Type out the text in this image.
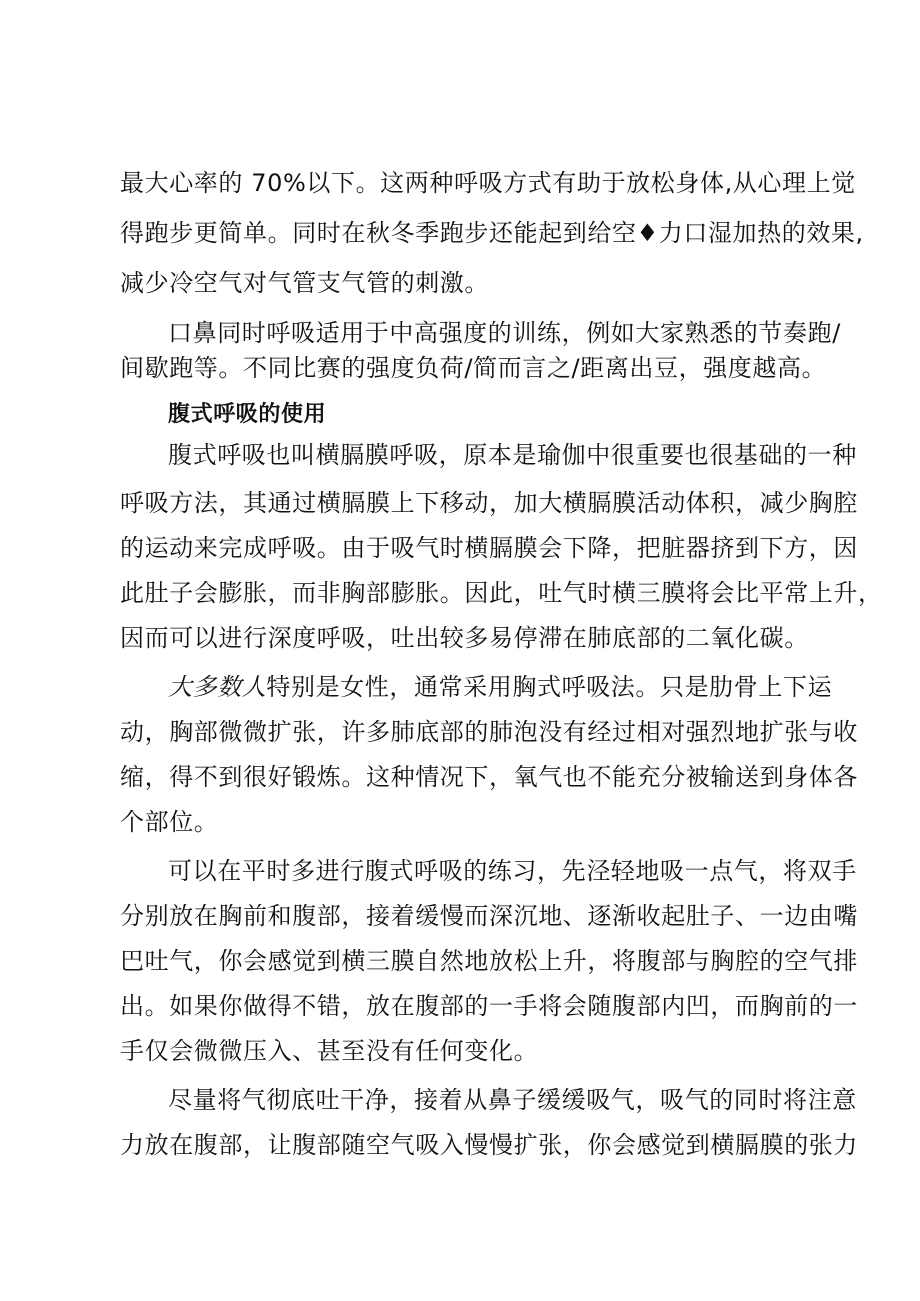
最大心率的 70%以下。这两种呼吸方式有助于放松身体,从心理上觉
得跑步更简单。同时在秋冬季跑步还能起到给空♦力口湿加热的效果,
减少冷空气对气管支气管的刺激。
口鼻同时呼吸适用于中高强度的训练，例如大家熟悉的节奏跑/
间歇跑等。不同比赛的强度负荷/简而言之/距离出豆，强度越高。
腹式呼吸的使用
腹式呼吸也叫横膈膜呼吸，原本是瑜伽中很重要也很基础的一种
呼吸方法，其通过横膈膜上下移动，加大横膈膜活动体积，减少胸腔
的运动来完成呼吸。由于吸气时横膈膜会下降，把脏器挤到下方，因
此肚子会膨胀，而非胸部膨胀。因此，吐气时横三膜将会比平常上升，
因而可以进行深度呼吸，吐出较多易停滞在肺底部的二氧化碳。
大多数人特别是女性，通常采用胸式呼吸法。只是肋骨上下运
动，胸部微微扩张，许多肺底部的肺泡没有经过相对强烈地扩张与收
缩，得不到很好锻炼。这种情况下，氧气也不能充分被输送到身体各
个部位。
可以在平时多进行腹式呼吸的练习，先泾轻地吸一点气，将双手
分别放在胸前和腹部，接着缓慢而深沉地、逐渐收起肚子、一边由嘴
巴吐气，你会感觉到横三膜自然地放松上升，将腹部与胸腔的空气排
出。如果你做得不错，放在腹部的一手将会随腹部内凹，而胸前的一
手仅会微微压入、甚至没有任何变化。
尽量将气彻底吐干净，接着从鼻子缓缓吸气，吸气的同时将注意
力放在腹部，让腹部随空气吸入慢慢扩张，你会感觉到横膈膜的张力
